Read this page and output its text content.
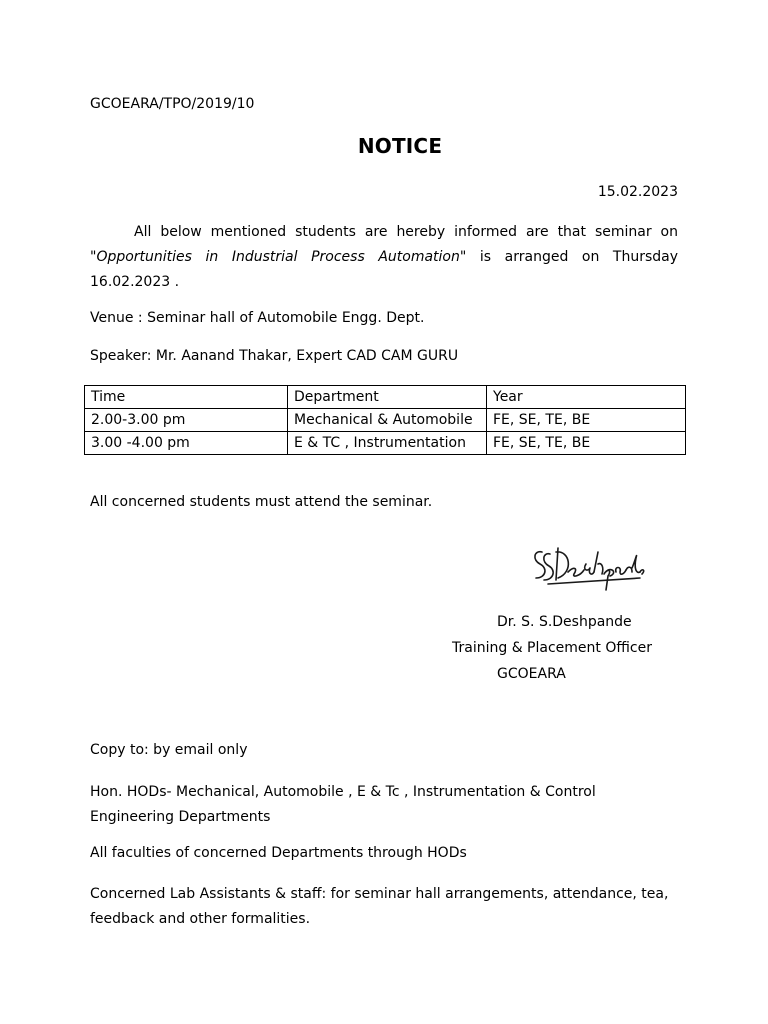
GCOEARA/TPO/2019/10
NOTICE
15.02.2023
All below mentioned students are hereby informed are that seminar on "Opportunities in Industrial Process Automation" is arranged on Thursday 16.02.2023 .
Venue : Seminar hall of Automobile Engg. Dept.
Speaker: Mr. Aanand Thakar, Expert CAD CAM GURU
Time	Department	Year
2.00-3.00 pm	Mechanical & Automobile	FE, SE, TE, BE
3.00 -4.00 pm	E & TC , Instrumentation	FE, SE, TE, BE
All concerned students must attend the seminar.
Dr. S. S.Deshpande
Training & Placement Officer
GCOEARA
Copy to: by email only
Hon. HODs- Mechanical, Automobile , E & Tc , Instrumentation & Control Engineering Departments
All faculties of concerned Departments through HODs
Concerned Lab Assistants & staff: for seminar hall arrangements, attendance, tea, feedback and other formalities.
